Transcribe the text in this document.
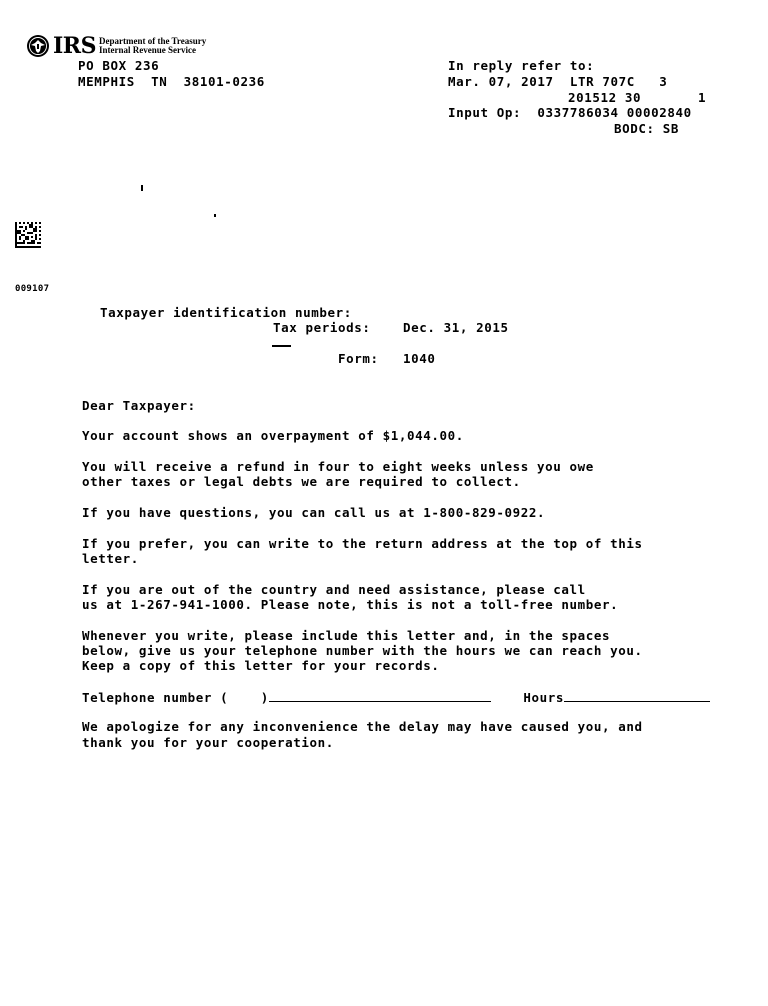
IRS Department of the Treasury
Internal Revenue Service
PO BOX 236
MEMPHIS  TN  38101-0236
In reply refer to:
Mar. 07, 2017  LTR 707C   3
201512 30       1
Input Op:  0337786034 00002840
BODC: SB
009107
Taxpayer identification number:
Tax periods:	Dec. 31, 2015
Form: 1040
Dear Taxpayer:
Your account shows an overpayment of $1,044.00.
You will receive a refund in four to eight weeks unless you owe
other taxes or legal debts we are required to collect.
If you have questions, you can call us at 1-800-829-0922.
If you prefer, you can write to the return address at the top of this
letter.
If you are out of the country and need assistance, please call
us at 1-267-941-1000. Please note, this is not a toll-free number.
Whenever you write, please include this letter and, in the spaces
below, give us your telephone number with the hours we can reach you.
Keep a copy of this letter for your records.
Telephone number (    )	Hours
We apologize for any inconvenience the delay may have caused you, and
thank you for your cooperation.
